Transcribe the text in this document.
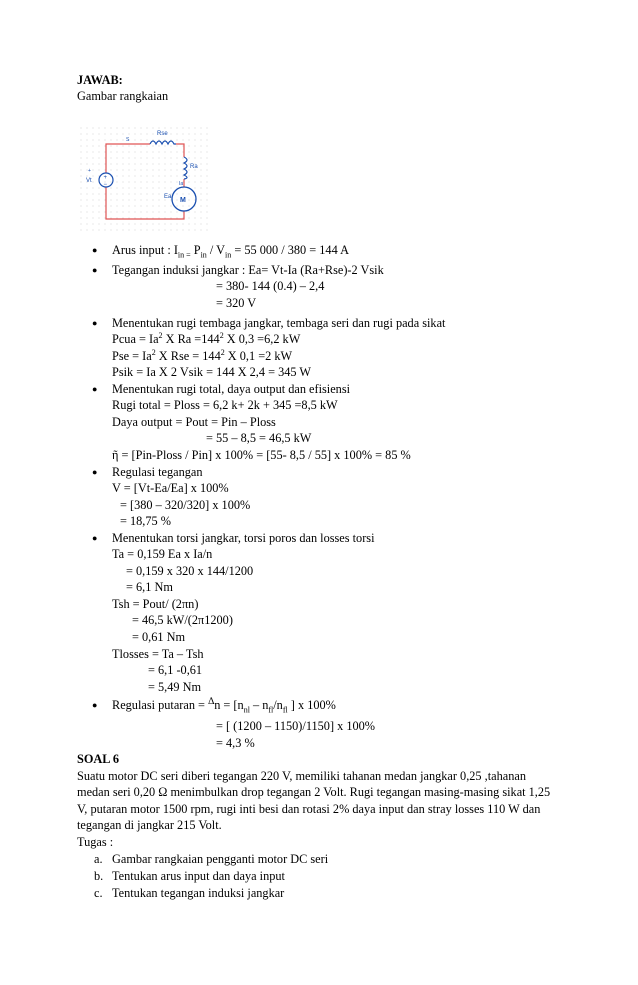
JAWAB:
Gambar rangkaian
Rse
S
Ra
Ia
M
Ea
+
−
+
Vt
● Arus input : $I_{in =}$ $P_{in} / V_{in} = 55$ 000 / 380 = 144 A
● Tegangan induksi jangkar : Ea= Vt-Ia (Ra+Rse)-2 Vsik
= 380- 144 (0.4) – 2,4
= 320 V
● Menentukan rugi tembaga jangkar, tembaga seri dan rugi pada sikat
Pcua = $Ia^2$ X $Ra =144^2$ X 0,3 =6,2 kW
Pse = $Ia^2$ X Rse = $144^2$ X 0,1 =2 kW
Psik = Ia X 2 Vsik = 144 X 2,4 = 345 W
● Menentukan rugi total, daya output dan efisiensi
Rugi total = Ploss = 6,2 k+ 2k + 345 =8,5 kW
Daya output = Pout = Pin – Ploss
= 55 – 8,5 = 46,5 kW
ῆ = [Pin-Ploss / Pin] x 100% = [55- 8,5 / 55] x 100% = 85 %
● Regulasi tegangan
V = [Vt-Ea/Ea] x 100%
= [380 – 320/320] x 100%
= 18,75 %
● Menentukan torsi jangkar, torsi poros dan losses torsi
Ta = 0,159 Ea x Ia/n
= 0,159 x 320 x 144/1200
= 6,1 Nm
Tsh = Pout/ (2πn)
= 46,5 kW/(2π1200)
= 0,61 Nm
Tlosses = Ta – Tsh
= 6,1 -0,61
= 5,49 Nm
● Regulasi putaran = $^\Delta n = [n_{nl} - n_{fl}/n_{fl}$ ] x 100%
= [ (1200 – 1150)/1150] x 100%
= 4,3 %
SOAL 6
Suatu motor DC seri diberi tegangan 220 V, memiliki tahanan medan jangkar 0,25 ,tahanan
medan seri 0,20 Ω menimbulkan drop tegangan 2 Volt. Rugi tegangan masing-masing sikat 1,25
V, putaran motor 1500 rpm, rugi inti besi dan rotasi 2% daya input dan stray losses 110 W dan
tegangan di jangkar 215 Volt.
Tugas :
a. Gambar rangkaian pengganti motor DC seri
b. Tentukan arus input dan daya input
c. Tentukan tegangan induksi jangkar
